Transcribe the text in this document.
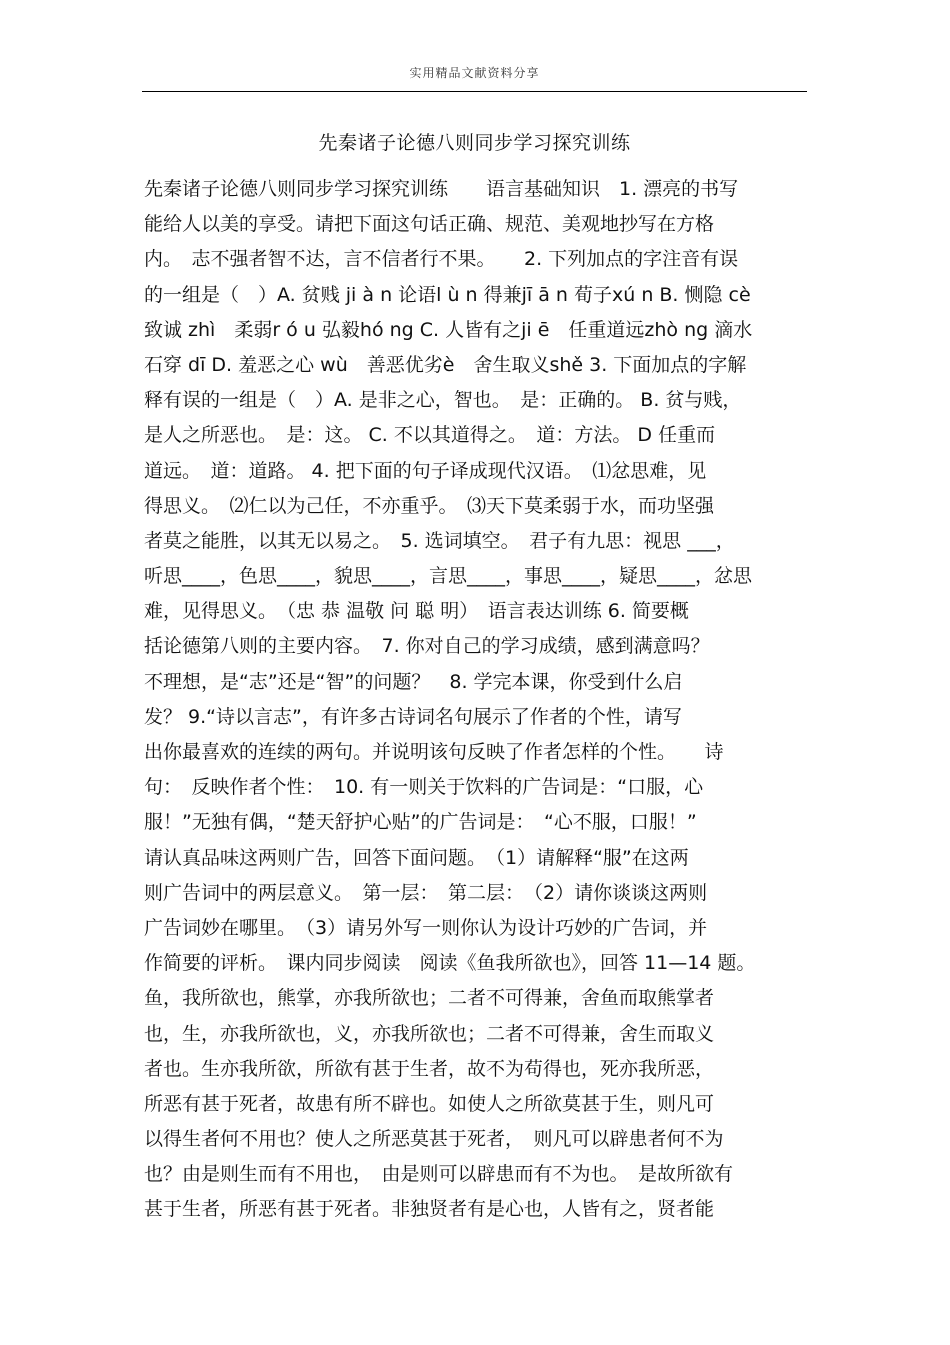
实用精品文献资料分享
先秦诸子论德八则同步学习探究训练
先秦诸子论德八则同步学习探究训练　　语言基础知识　1. 漂亮的书写
能给人以美的享受。请把下面这句话正确、规范、美观地抄写在方格
内。　志不强者智不达，言不信者行不果。　　2. 下列加点的字注音有误
的一组是（　）A. 贫贱 ji à n 论语l ù n 得兼jī ā n 荀子xú n B. 恻隐 cè
致诚 zhì　柔弱r ó u 弘毅hó ng C. 人皆有之ji ē　任重道远zhò ng 滴水
石穿 dī D. 羞恶之心 wù　善恶优劣è　舍生取义shě 3. 下面加点的字解
释有误的一组是（　）A. 是非之心，智也。　是：正确的。 B. 贫与贱，
是人之所恶也。　是：这。 C. 不以其道得之。　道：方法。 D 任重而
道远。　道：道路。 4. 把下面的句子译成现代汉语。　⑴忿思难，见
得思义。　⑵仁以为己任，不亦重乎。　⑶天下莫柔弱于水，而功坚强
者莫之能胜，以其无以易之。　5. 选词填空。　君子有九思：视思 ___，
听思____，色思____，貌思____，言思____，事思____，疑思____，忿思
难，见得思义。　（忠 恭 温敬 问 聪 明）　语言表达训练 6. 简要概
括论德第八则的主要内容。　7. 你对自己的学习成绩，感到满意吗？
不理想，是“志”还是“智”的问题？　8. 学完本课，你受到什么启
发？ 9.“诗以言志”，有许多古诗词名句展示了作者的个性，请写
出你最喜欢的连续的两句。并说明该句反映了作者怎样的个性。　　诗
句：　反映作者个性：　10. 有一则关于饮料的广告词是：“口服，心
服！”无独有偶，“楚天舒护心贴”的广告词是：　“心不服，口服！”
请认真品味这两则广告，回答下面问题。　（1）请解释“服”在这两
则广告词中的两层意义。　第一层：　第二层：　（2）请你谈谈这两则
广告词妙在哪里。　（3）请另外写一则你认为设计巧妙的广告词，并
作简要的评析。　课内同步阅读　阅读《鱼我所欲也》，回答 11—14 题。
鱼，我所欲也，熊掌，亦我所欲也；二者不可得兼，舍鱼而取熊掌者
也，生，亦我所欲也，义，亦我所欲也；二者不可得兼，舍生而取义
者也。生亦我所欲，所欲有甚于生者，故不为苟得也，死亦我所恶，
所恶有甚于死者，故患有所不辟也。如使人之所欲莫甚于生，则凡可
以得生者何不用也？使人之所恶莫甚于死者，　则凡可以辟患者何不为
也？由是则生而有不用也，　由是则可以辟患而有不为也。　是故所欲有
甚于生者，所恶有甚于死者。非独贤者有是心也，人皆有之，贤者能
